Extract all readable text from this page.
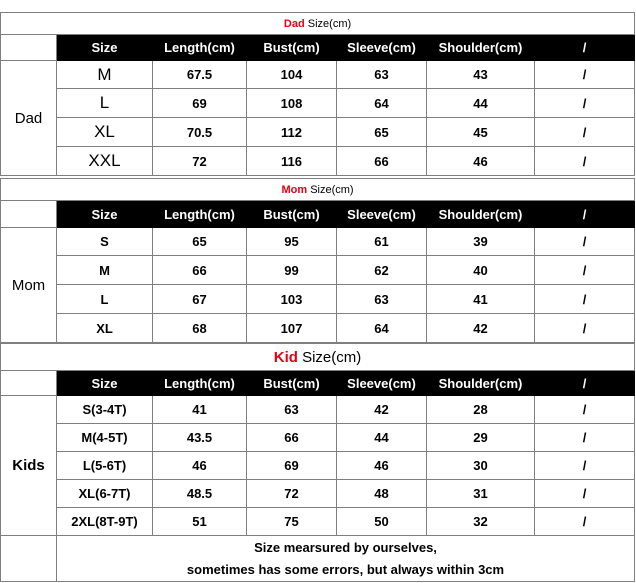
Dad Size(cm)						
	Size	Length(cm)	Bust(cm)	Sleeve(cm)	Shoulder(cm)	/
Dad	M	67.5	104	63	43	/
	L	69	108	64	44	/
	XL	70.5	112	65	45	/
	XXL	72	116	66	46	/
Mom Size(cm)						
	Size	Length(cm)	Bust(cm)	Sleeve(cm)	Shoulder(cm)	/
Mom	S	65	95	61	39	/
	M	66	99	62	40	/
	L	67	103	63	41	/
	XL	68	107	64	42	/
Kid Size(cm)						
	Size	Length(cm)	Bust(cm)	Sleeve(cm)	Shoulder(cm)	/
Kids	S(3-4T)	41	63	42	28	/
	M(4-5T)	43.5	66	44	29	/
	L(5-6T)	46	69	46	30	/
	XL(6-7T)	48.5	72	48	31	/
	2XL(8T-9T)	51	75	50	32	/

	Size mearsured by ourselves,
sometimes has some errors, but always within 3cm					
